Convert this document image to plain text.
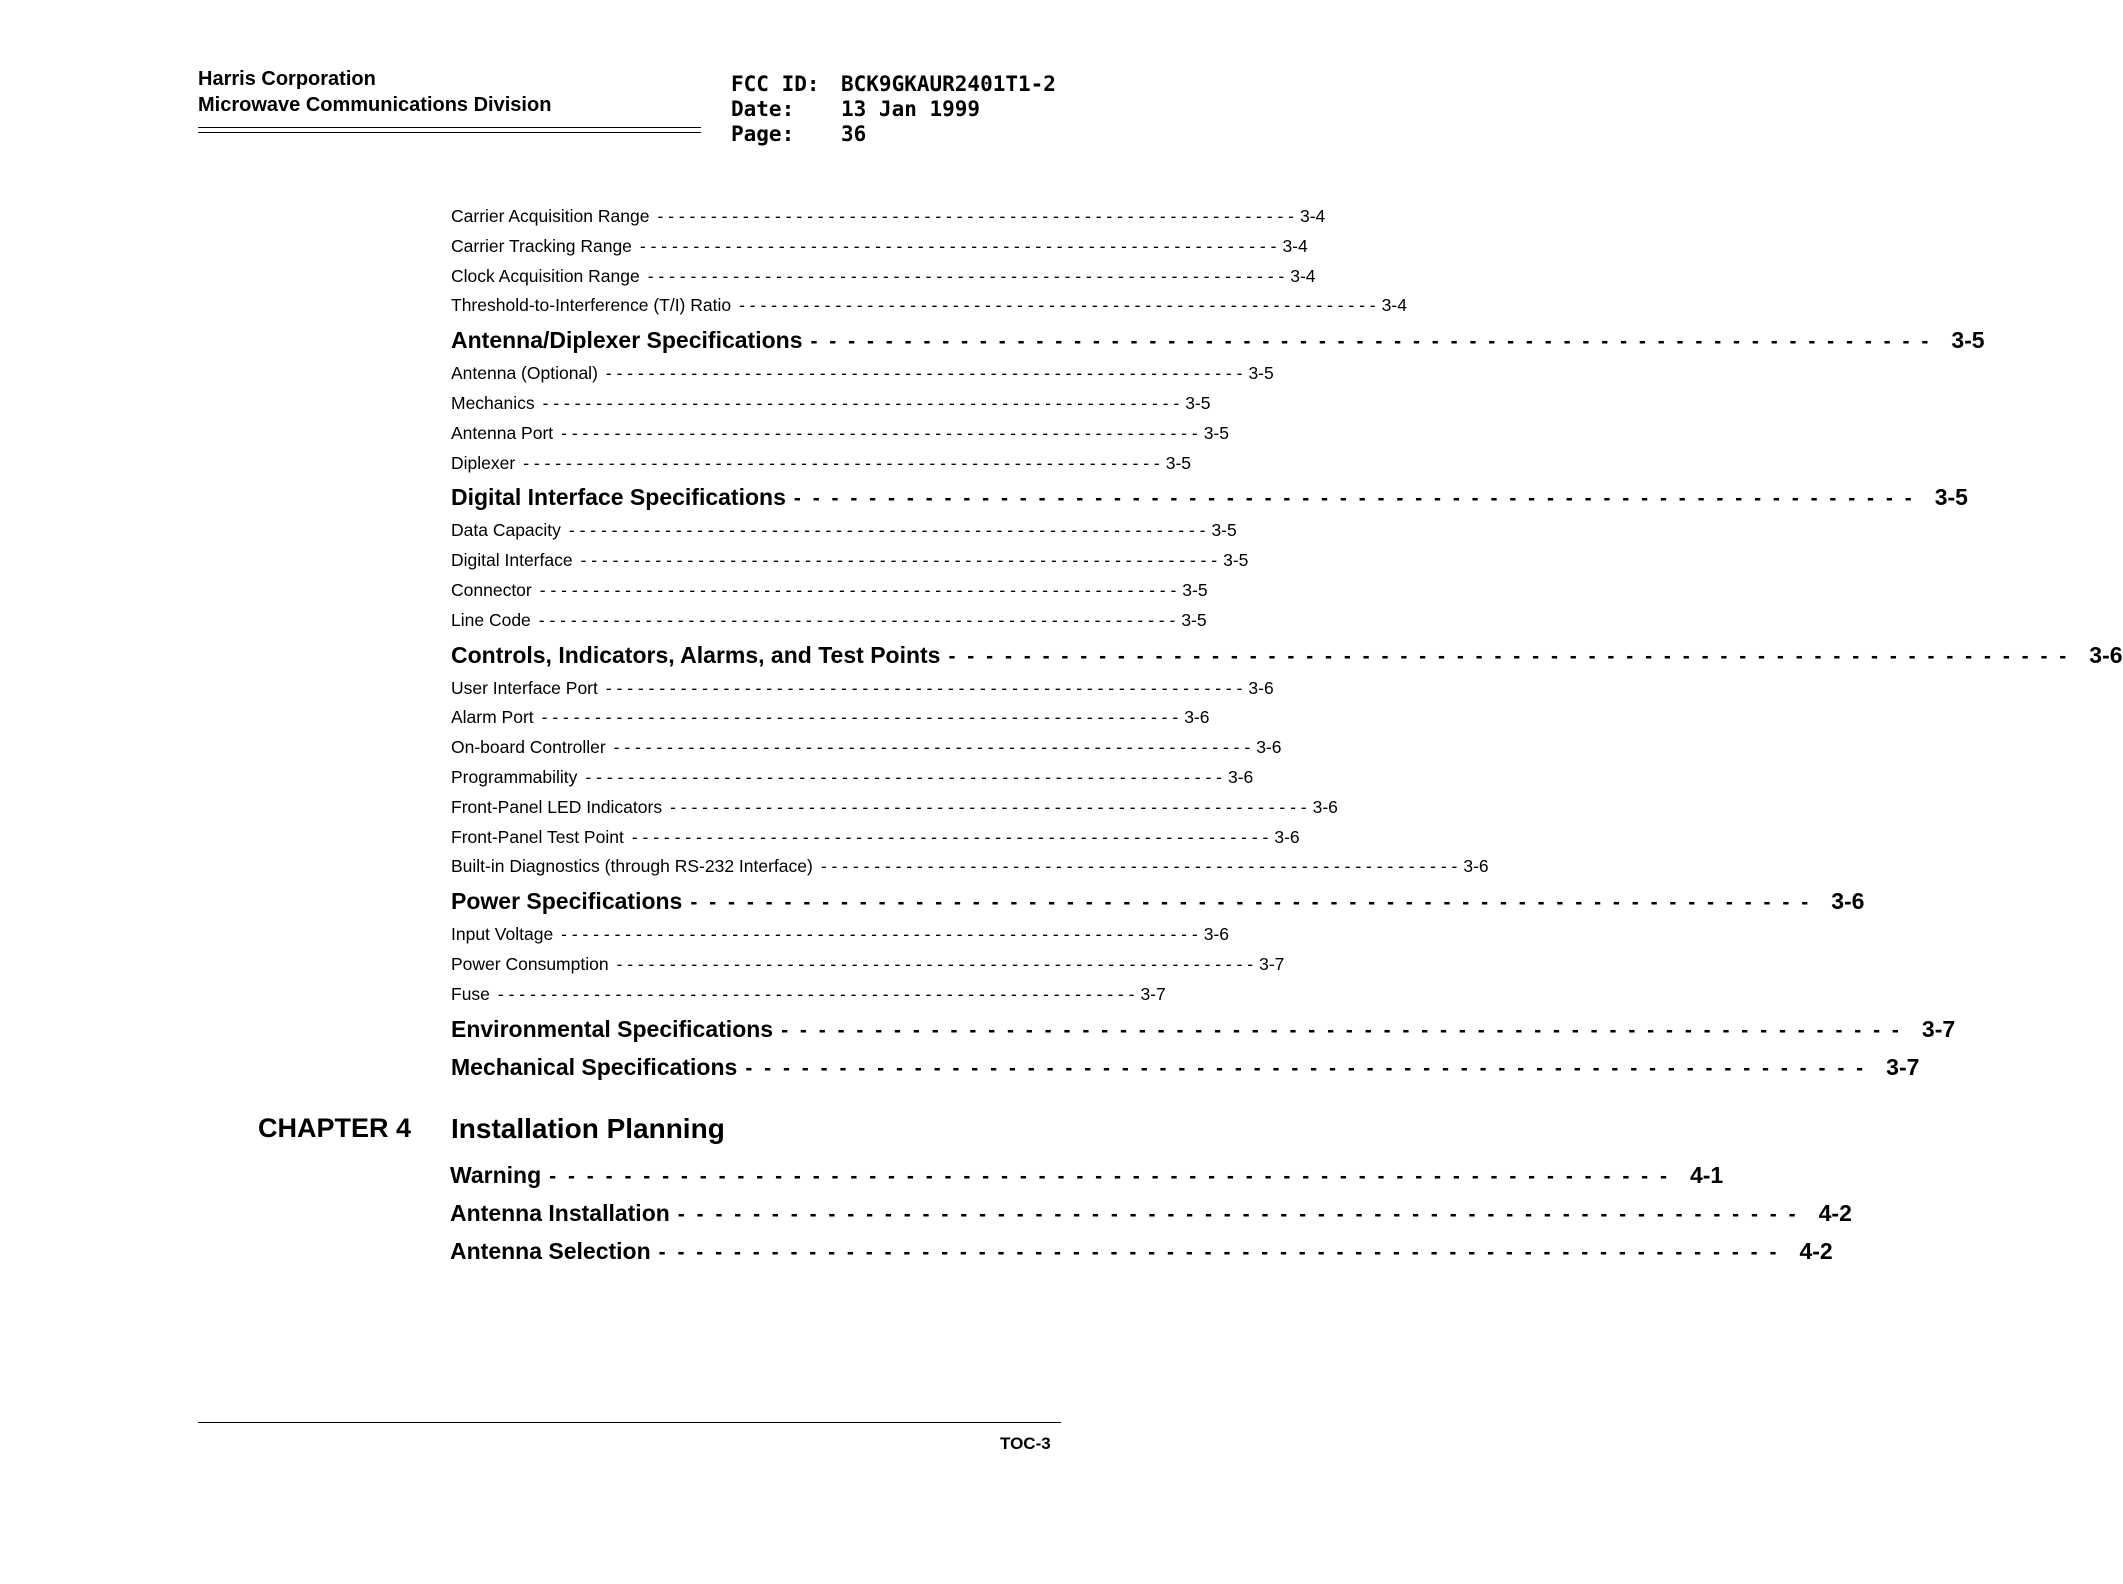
Harris Corporation
Microwave Communications Division
FCC ID:	BCK9GKAUR2401T1-2
Date:	13 Jan 1999
Page:	36
Carrier Acquisition Range - - - - - - - - - - - - - - - - - - - - - - - - - - - - - - - - - - - - - - - - - - - - - - - - - - - - - - - - - - - - 3-4
Carrier Tracking Range - - - - - - - - - - - - - - - - - - - - - - - - - - - - - - - - - - - - - - - - - - - - - - - - - - - - - - - - - - - - 3-4
Clock Acquisition Range - - - - - - - - - - - - - - - - - - - - - - - - - - - - - - - - - - - - - - - - - - - - - - - - - - - - - - - - - - - - 3-4
Threshold-to-Interference (T/I) Ratio - - - - - - - - - - - - - - - - - - - - - - - - - - - - - - - - - - - - - - - - - - - - - - - - - - - - - - - - - - - - 3-4
Antenna/Diplexer Specifications - - - - - - - - - - - - - - - - - - - - - - - - - - - - - - - - - - - - - - - - - - - - - - - - - - - - - - - - - - - - 3-5
Antenna (Optional) - - - - - - - - - - - - - - - - - - - - - - - - - - - - - - - - - - - - - - - - - - - - - - - - - - - - - - - - - - - - 3-5
Mechanics - - - - - - - - - - - - - - - - - - - - - - - - - - - - - - - - - - - - - - - - - - - - - - - - - - - - - - - - - - - - 3-5
Antenna Port - - - - - - - - - - - - - - - - - - - - - - - - - - - - - - - - - - - - - - - - - - - - - - - - - - - - - - - - - - - - 3-5
Diplexer - - - - - - - - - - - - - - - - - - - - - - - - - - - - - - - - - - - - - - - - - - - - - - - - - - - - - - - - - - - - 3-5
Digital Interface Specifications - - - - - - - - - - - - - - - - - - - - - - - - - - - - - - - - - - - - - - - - - - - - - - - - - - - - - - - - - - - - 3-5
Data Capacity - - - - - - - - - - - - - - - - - - - - - - - - - - - - - - - - - - - - - - - - - - - - - - - - - - - - - - - - - - - - 3-5
Digital Interface - - - - - - - - - - - - - - - - - - - - - - - - - - - - - - - - - - - - - - - - - - - - - - - - - - - - - - - - - - - - 3-5
Connector - - - - - - - - - - - - - - - - - - - - - - - - - - - - - - - - - - - - - - - - - - - - - - - - - - - - - - - - - - - - 3-5
Line Code - - - - - - - - - - - - - - - - - - - - - - - - - - - - - - - - - - - - - - - - - - - - - - - - - - - - - - - - - - - - 3-5
Controls, Indicators, Alarms, and Test Points - - - - - - - - - - - - - - - - - - - - - - - - - - - - - - - - - - - - - - - - - - - - - - - - - - - - - - - - - - - - 3-6
User Interface Port - - - - - - - - - - - - - - - - - - - - - - - - - - - - - - - - - - - - - - - - - - - - - - - - - - - - - - - - - - - - 3-6
Alarm Port - - - - - - - - - - - - - - - - - - - - - - - - - - - - - - - - - - - - - - - - - - - - - - - - - - - - - - - - - - - - 3-6
On-board Controller - - - - - - - - - - - - - - - - - - - - - - - - - - - - - - - - - - - - - - - - - - - - - - - - - - - - - - - - - - - - 3-6
Programmability - - - - - - - - - - - - - - - - - - - - - - - - - - - - - - - - - - - - - - - - - - - - - - - - - - - - - - - - - - - - 3-6
Front-Panel LED Indicators - - - - - - - - - - - - - - - - - - - - - - - - - - - - - - - - - - - - - - - - - - - - - - - - - - - - - - - - - - - - 3-6
Front-Panel Test Point - - - - - - - - - - - - - - - - - - - - - - - - - - - - - - - - - - - - - - - - - - - - - - - - - - - - - - - - - - - - 3-6
Built-in Diagnostics (through RS-232 Interface) - - - - - - - - - - - - - - - - - - - - - - - - - - - - - - - - - - - - - - - - - - - - - - - - - - - - - - - - - - - - 3-6
Power Specifications - - - - - - - - - - - - - - - - - - - - - - - - - - - - - - - - - - - - - - - - - - - - - - - - - - - - - - - - - - - - 3-6
Input Voltage - - - - - - - - - - - - - - - - - - - - - - - - - - - - - - - - - - - - - - - - - - - - - - - - - - - - - - - - - - - - 3-6
Power Consumption - - - - - - - - - - - - - - - - - - - - - - - - - - - - - - - - - - - - - - - - - - - - - - - - - - - - - - - - - - - - 3-7
Fuse - - - - - - - - - - - - - - - - - - - - - - - - - - - - - - - - - - - - - - - - - - - - - - - - - - - - - - - - - - - - 3-7
Environmental Specifications - - - - - - - - - - - - - - - - - - - - - - - - - - - - - - - - - - - - - - - - - - - - - - - - - - - - - - - - - - - - 3-7
Mechanical Specifications - - - - - - - - - - - - - - - - - - - - - - - - - - - - - - - - - - - - - - - - - - - - - - - - - - - - - - - - - - - - 3-7
CHAPTER 4 Installation Planning
Warning - - - - - - - - - - - - - - - - - - - - - - - - - - - - - - - - - - - - - - - - - - - - - - - - - - - - - - - - - - - - 4-1
Antenna Installation - - - - - - - - - - - - - - - - - - - - - - - - - - - - - - - - - - - - - - - - - - - - - - - - - - - - - - - - - - - - 4-2
Antenna Selection - - - - - - - - - - - - - - - - - - - - - - - - - - - - - - - - - - - - - - - - - - - - - - - - - - - - - - - - - - - - 4-2
TOC-3
